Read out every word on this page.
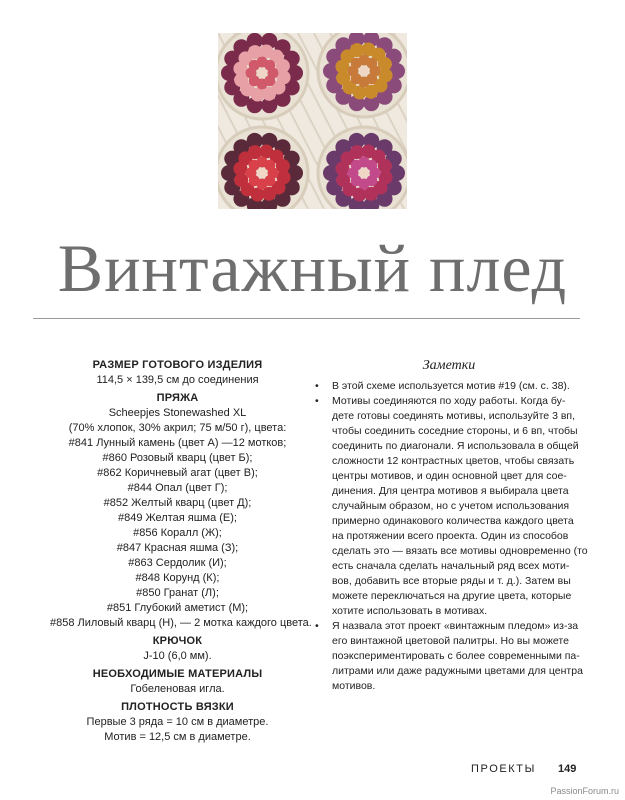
Винтажный плед
РАЗМЕР ГОТОВОГО ИЗДЕЛИЯ
114,5 × 139,5 см до соединения
ПРЯЖА
Scheepjes Stonewashed XL
(70% хлопок, 30% акрил; 75 м/50 г), цвета:
#841 Лунный камень (цвет А) —12 мотков;
#860 Розовый кварц (цвет Б);
#862 Коричневый агат (цвет В);
#844 Опал (цвет Г);
#852 Желтый кварц (цвет Д);
#849 Желтая яшма (Е);
#856 Коралл (Ж);
#847 Красная яшма (З);
#863 Сердолик (И);
#848 Корунд (К);
#850 Гранат (Л);
#851 Глубокий аметист (М);
#858 Лиловый кварц (Н), — 2 мотка каждого цвета.
КРЮЧОК
J-10 (6,0 мм).
НЕОБХОДИМЫЕ МАТЕРИАЛЫ
Гобеленовая игла.
ПЛОТНОСТЬ ВЯЗКИ
Первые 3 ряда = 10 см в диаметре.
Мотив = 12,5 см в диаметре.
Заметки
• В этой схеме используется мотив #19 (см. с. 38).
• Мотивы соединяются по ходу работы. Когда бу-
дете готовы соединять мотивы, используйте 3 вп,
чтобы соединить соседние стороны, и 6 вп, чтобы
соединить по диагонали. Я использовала в общей
сложности 12 контрастных цветов, чтобы связать
центры мотивов, и один основной цвет для сое-
динения. Для центра мотивов я выбирала цвета
случайным образом, но с учетом использования
примерно одинакового количества каждого цвета
на протяжении всего проекта. Один из способов
сделать это — вязать все мотивы одновременно (то
есть сначала сделать начальный ряд всех моти-
вов, добавить все вторые ряды и т. д.). Затем вы
можете переключаться на другие цвета, которые
хотите использовать в мотивах.
• Я назвала этот проект «винтажным пледом» из-за
его винтажной цветовой палитры. Но вы можете
поэкспериментировать с более современными па-
литрами или даже радужными цветами для центра
мотивов.
ПРОЕКТЫ 149
PassionForum.ru
